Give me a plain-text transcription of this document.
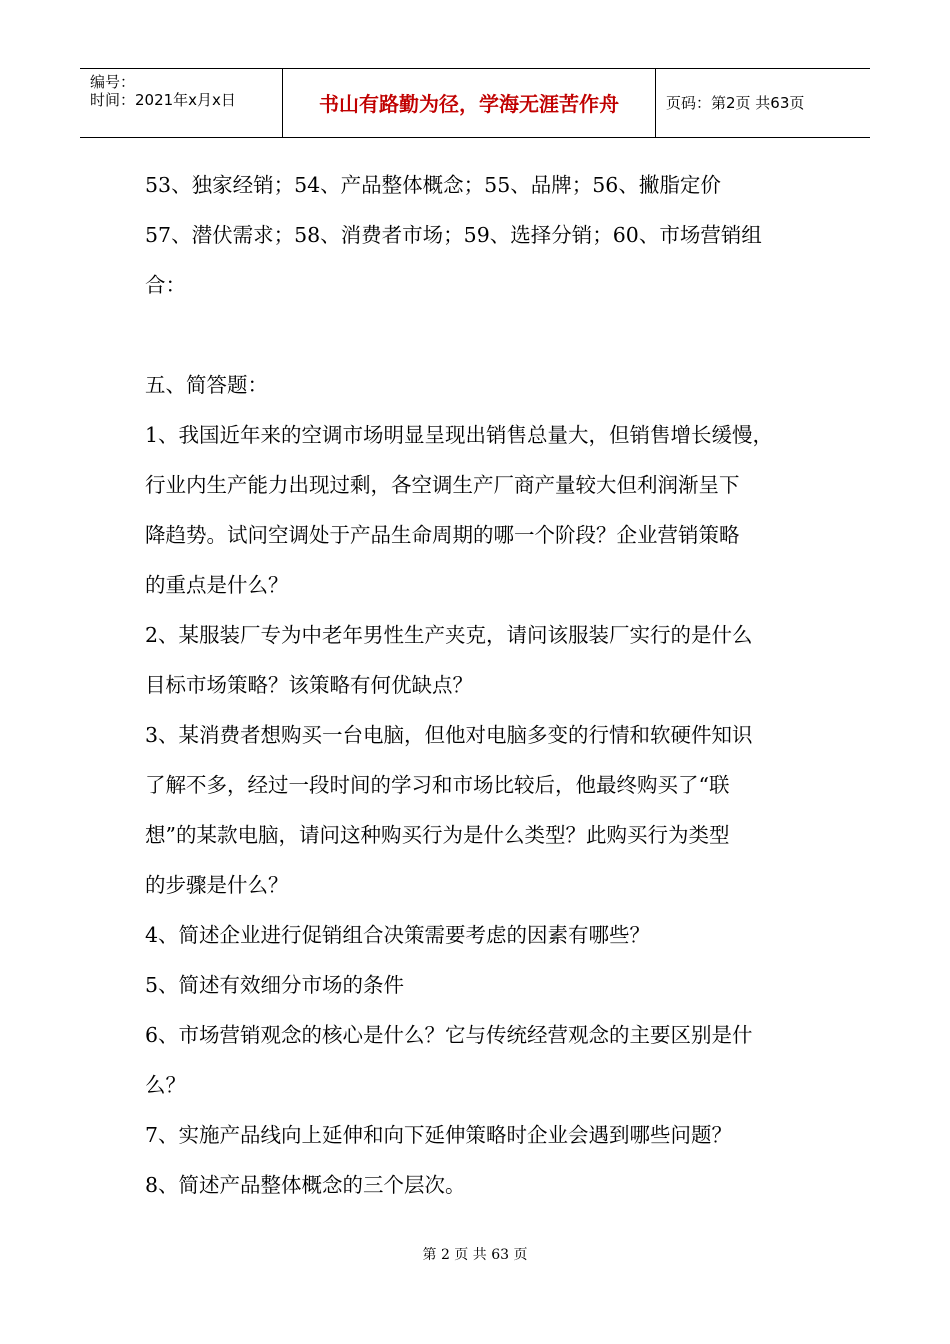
编号：
时间：2021年x月x日	书山有路勤为径，学海无涯苦作舟	页码：第2页 共63页
53、独家经销；54、产品整体概念；55、品牌；56、撇脂定价
57、潜伏需求；58、消费者市场；59、选择分销；60、市场营销组
合：
五、简答题：
1、我国近年来的空调市场明显呈现出销售总量大，但销售增长缓慢，
行业内生产能力出现过剩，各空调生产厂商产量较大但利润渐呈下
降趋势。试问空调处于产品生命周期的哪一个阶段？企业营销策略
的重点是什么？
2、某服装厂专为中老年男性生产夹克，请问该服装厂实行的是什么
目标市场策略？该策略有何优缺点？
3、某消费者想购买一台电脑，但他对电脑多变的行情和软硬件知识
了解不多，经过一段时间的学习和市场比较后，他最终购买了“联
想”的某款电脑，请问这种购买行为是什么类型？此购买行为类型
的步骤是什么？
4、简述企业进行促销组合决策需要考虑的因素有哪些？
5、简述有效细分市场的条件
6、市场营销观念的核心是什么？它与传统经营观念的主要区别是什
么？
7、实施产品线向上延伸和向下延伸策略时企业会遇到哪些问题？
8、简述产品整体概念的三个层次。
第 2 页 共 63 页
